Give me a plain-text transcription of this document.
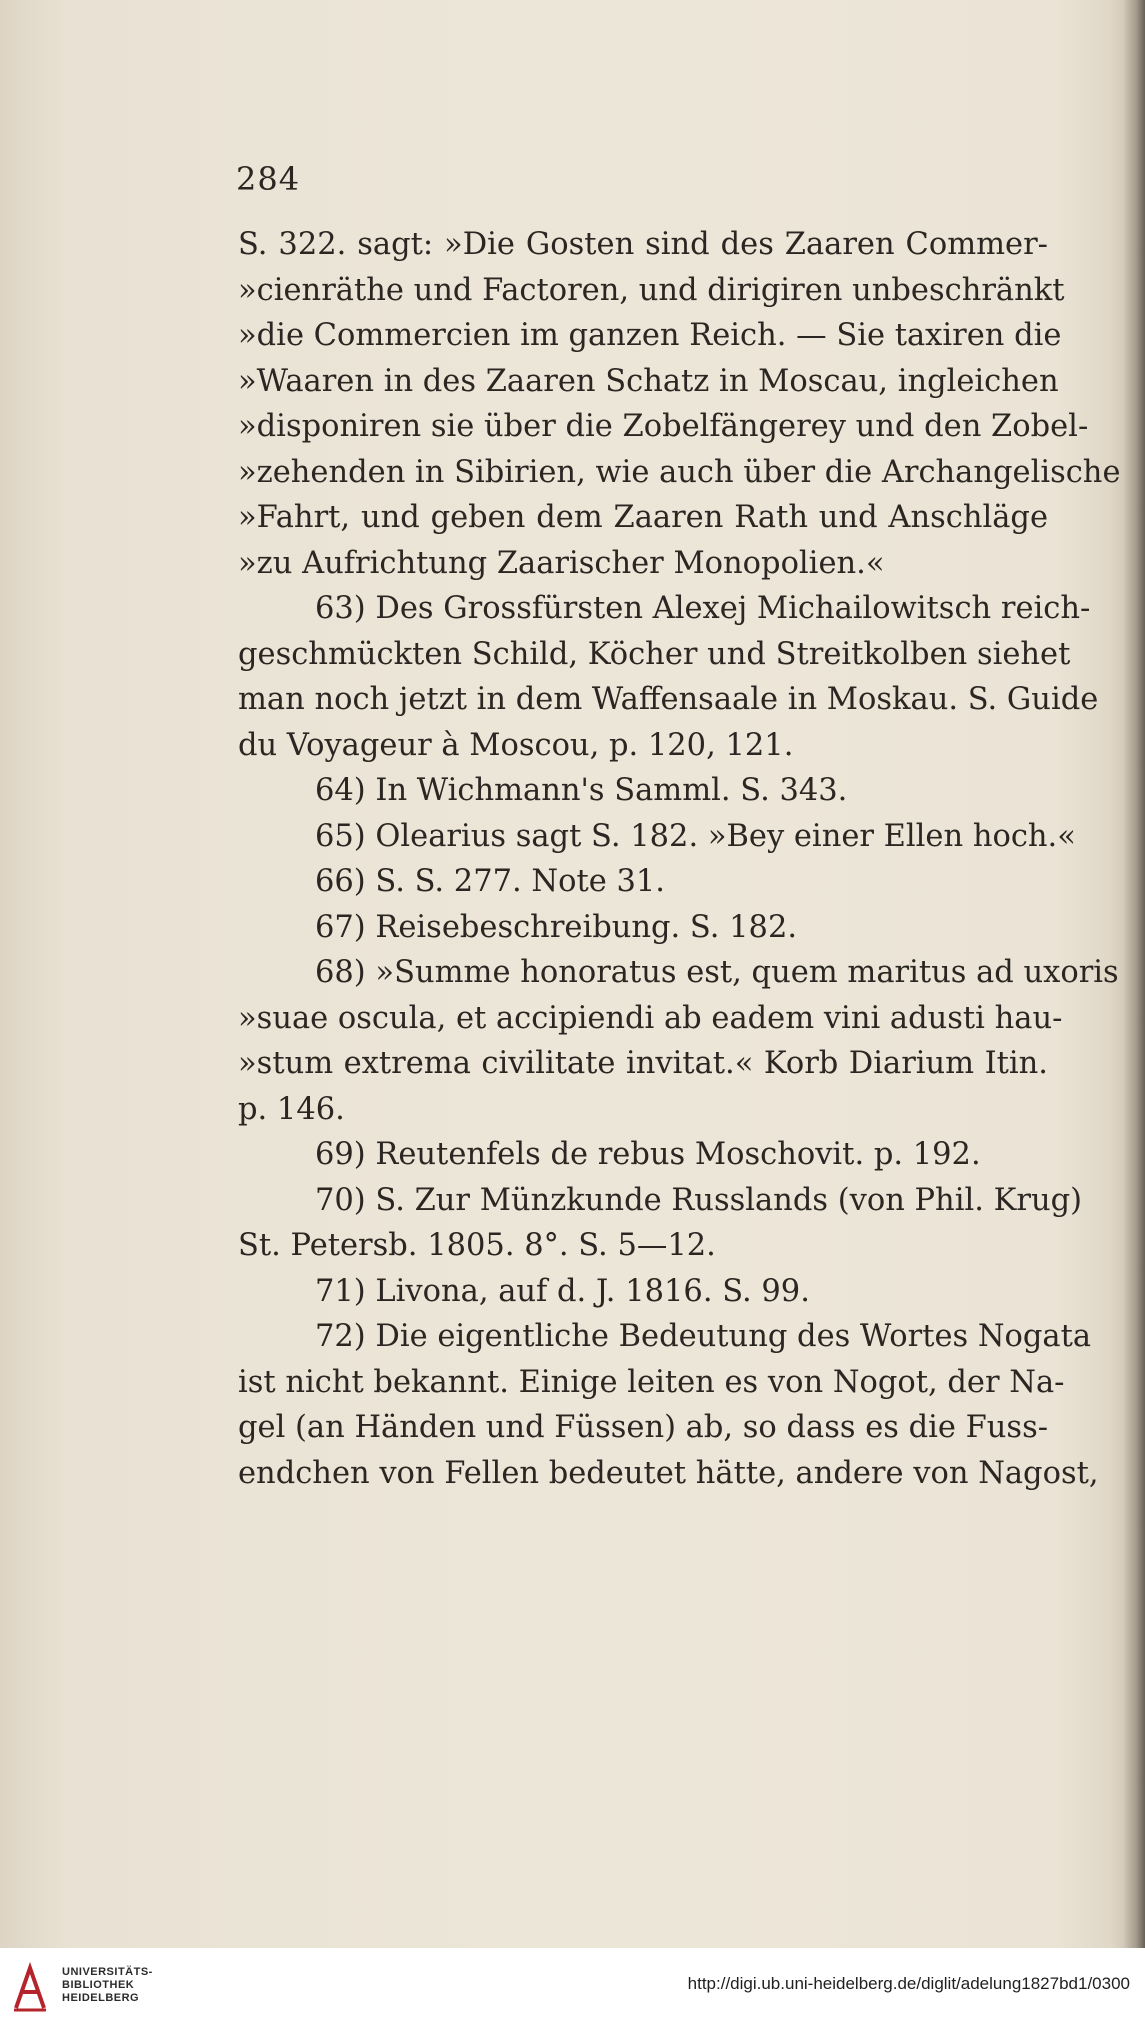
284
S. 322. sagt: »Die Gosten sind des Zaaren Commer-
»cienräthe und Factoren, und dirigiren unbeschränkt
»die Commercien im ganzen Reich. — Sie taxiren die
»Waaren in des Zaaren Schatz in Moscau, ingleichen
»disponiren sie über die Zobelfängerey und den Zobel-
»zehenden in Sibirien, wie auch über die Archangelische
»Fahrt, und geben dem Zaaren Rath und Anschläge
»zu Aufrichtung Zaarischer Monopolien.«
63) Des Grossfürsten Alexej Michailowitsch reich-
geschmückten Schild, Köcher und Streitkolben siehet
man noch jetzt in dem Waffensaale in Moskau. S. Guide
du Voyageur à Moscou, p. 120, 121.
64) In Wichmann's Samml. S. 343.
65) Olearius sagt S. 182. »Bey einer Ellen hoch.«
66) S. S. 277. Note 31.
67) Reisebeschreibung. S. 182.
68) »Summe honoratus est, quem maritus ad uxoris
»suae oscula, et accipiendi ab eadem vini adusti hau-
»stum extrema civilitate invitat.« Korb Diarium Itin.
p. 146.
69) Reutenfels de rebus Moschovit. p. 192.
70) S. Zur Münzkunde Russlands (von Phil. Krug)
St. Petersb. 1805. 8°. S. 5—12.
71) Livona, auf d. J. 1816. S. 99.
72) Die eigentliche Bedeutung des Wortes Nogata
ist nicht bekannt. Einige leiten es von Nogot, der Na-
gel (an Händen und Füssen) ab, so dass es die Fuss-
endchen von Fellen bedeutet hätte, andere von Nagost,
UNIVERSITÄTS-
BIBLIOTHEK
HEIDELBERG
http://digi.ub.uni-heidelberg.de/diglit/adelung1827bd1/0300
